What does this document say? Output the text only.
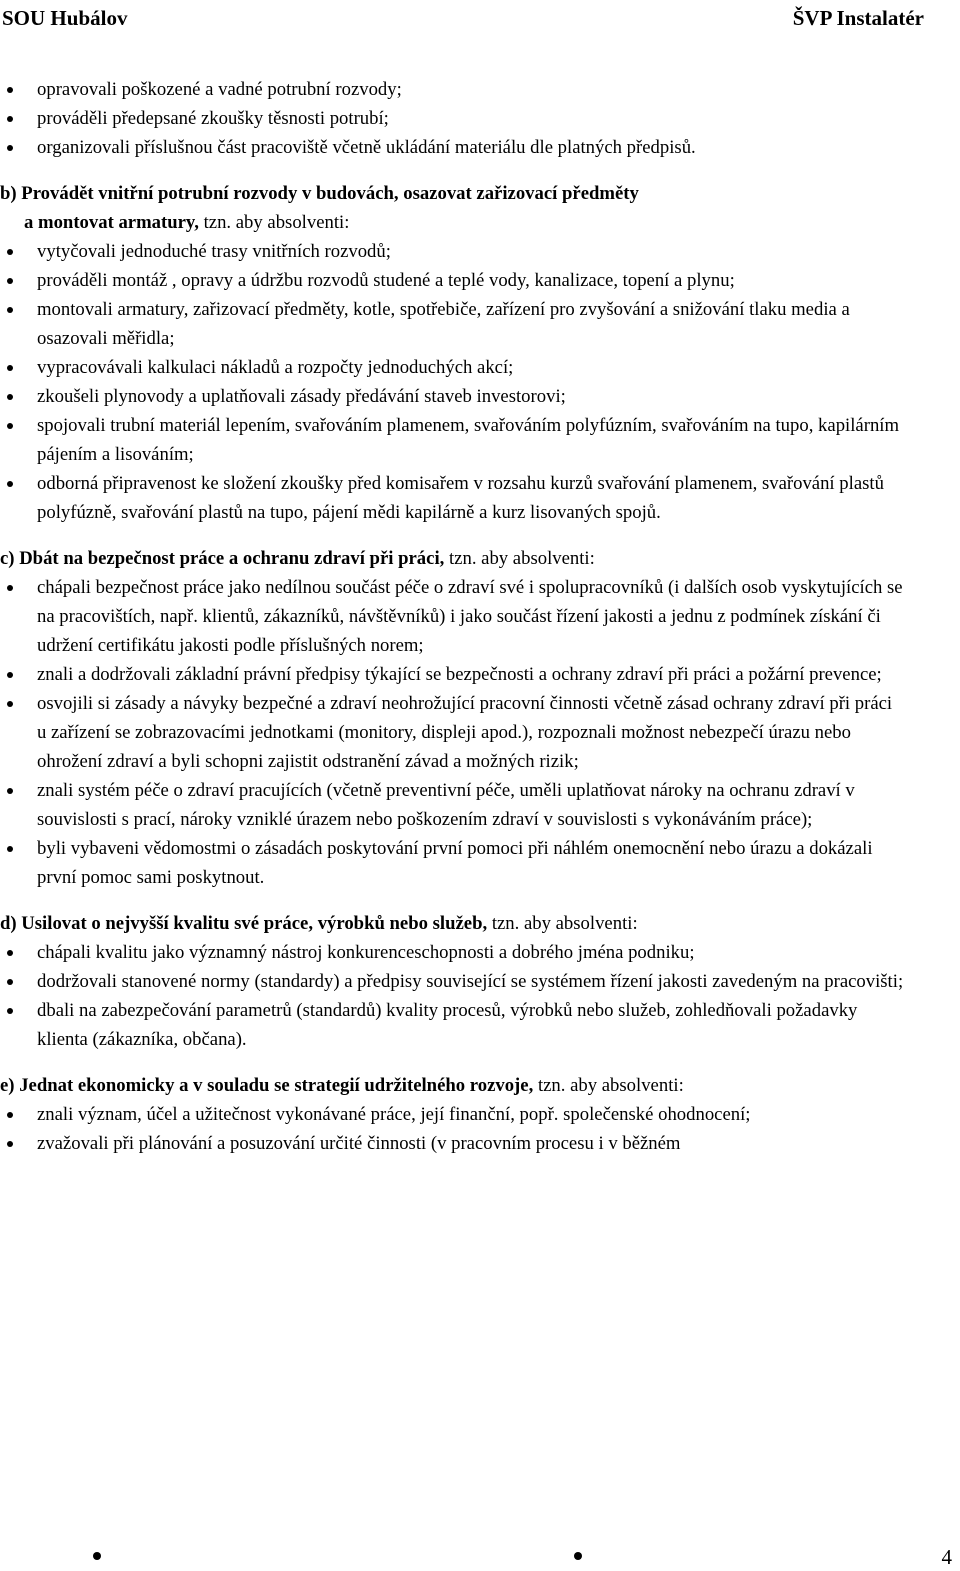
SOU Hubálov	ŠVP Instalatér
opravovali poškozené a vadné potrubní rozvody;
prováděli předepsané zkoušky těsnosti potrubí;
organizovali příslušnou část pracoviště včetně ukládání materiálu dle platných předpisů.

b) Provádět vnitřní potrubní rozvody v budovách, osazovat zařizovací předměty
a montovat armatury, tzn. aby absolventi:

vytyčovali jednoduché trasy vnitřních rozvodů;
prováděli montáž , opravy a údržbu rozvodů studené a teplé vody, kanalizace, topení a plynu;
montovali armatury, zařizovací předměty, kotle, spotřebiče, zařízení pro zvyšování a snižování tlaku media a osazovali měřidla;
vypracovávali kalkulaci nákladů a rozpočty jednoduchých akcí;
zkoušeli plynovody a uplatňovali zásady předávání staveb investorovi;
spojovali trubní materiál lepením, svařováním plamenem, svařováním polyfúzním, svařováním na tupo, kapilárním pájením a lisováním;
odborná připravenost ke složení zkoušky před komisařem v rozsahu kurzů svařování plamenem, svařování plastů polyfúzně, svařování plastů na tupo, pájení mědi kapilárně a kurz lisovaných spojů.

c) Dbát na bezpečnost práce a ochranu zdraví při práci, tzn. aby absolventi:

chápali bezpečnost práce jako nedílnou součást péče o zdraví své i spolupracovníků (i dalších osob vyskytujících se na pracovištích, např. klientů, zákazníků, návštěvníků) i jako součást řízení jakosti a jednu z podmínek získání či udržení certifikátu jakosti podle příslušných norem;
znali a dodržovali základní právní předpisy týkající se bezpečnosti a ochrany zdraví při práci a požární prevence;
osvojili si zásady a návyky bezpečné a zdraví neohrožující pracovní činnosti včetně zásad ochrany zdraví při práci u zařízení se zobrazovacími jednotkami (monitory, displeji apod.), rozpoznali možnost nebezpečí úrazu nebo ohrožení zdraví a byli schopni zajistit odstranění závad a možných rizik;
znali systém péče o zdraví pracujících (včetně preventivní péče, uměli uplatňovat nároky na ochranu zdraví v souvislosti s prací, nároky vzniklé úrazem nebo poškozením zdraví v souvislosti s vykonáváním práce);
byli vybaveni vědomostmi o zásadách poskytování první pomoci při náhlém onemocnění nebo úrazu a dokázali první pomoc sami poskytnout.

d) Usilovat o nejvyšší kvalitu své práce, výrobků nebo služeb, tzn. aby absolventi:

chápali kvalitu jako významný nástroj konkurenceschopnosti a dobrého jména podniku;
dodržovali stanovené normy (standardy) a předpisy související se systémem řízení jakosti zavedeným na pracovišti;
dbali na zabezpečování parametrů (standardů) kvality procesů, výrobků nebo služeb, zohledňovali požadavky klienta (zákazníka, občana).

e) Jednat ekonomicky a v souladu se strategií udržitelného rozvoje, tzn. aby absolventi:

znali význam, účel a užitečnost vykonávané práce, její finanční, popř. společenské ohodnocení;
zvažovali při plánování a posuzování určité činnosti (v pracovním procesu i v běžném
4
